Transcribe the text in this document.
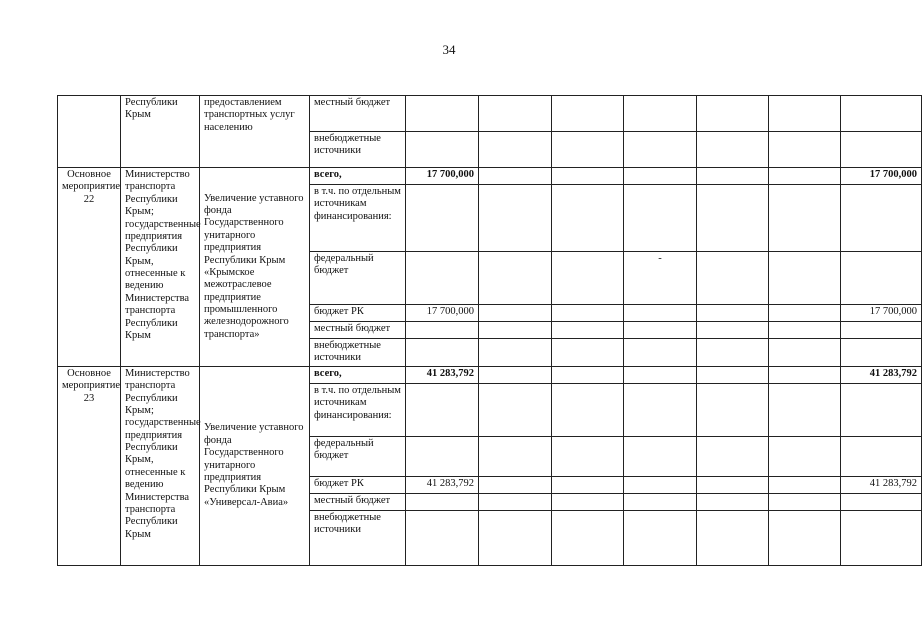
34
	Республики Крым	предоставлением транспортных услуг населению	местный бюджет							
			внебюджетные источники							
Основное мероприятие 22	Министерство транспорта Республики Крым; государственные предприятия Республики Крым, отнесенные к ведению Министерства транспорта Республики Крым	Увеличение уставного фонда Государственного унитарного предприятия Республики Крым «Крымское межотраслевое предприятие промышленного железнодорожного транспорта»	всего,	17 700,000						17 700,000
			в т.ч. по отдельным источникам финансирования:							
			федеральный бюджет				-			

			бюджет РК	17 700,000						17 700,000
			местный бюджет							
			внебюджетные источники							
Основное мероприятие 23	Министерство транспорта Республики Крым; государственные предприятия Республики Крым, отнесенные к ведению Министерства транспорта Республики Крым	Увеличение уставного фонда Государственного унитарного предприятия Республики Крым «Универсал-Авиа»	всего,	41 283,792						41 283,792
			в т.ч. по отдельным источникам финансирования:							
			федеральный бюджет							
			бюджет РК	41 283,792						41 283,792
			местный бюджет							
			внебюджетные источники							
